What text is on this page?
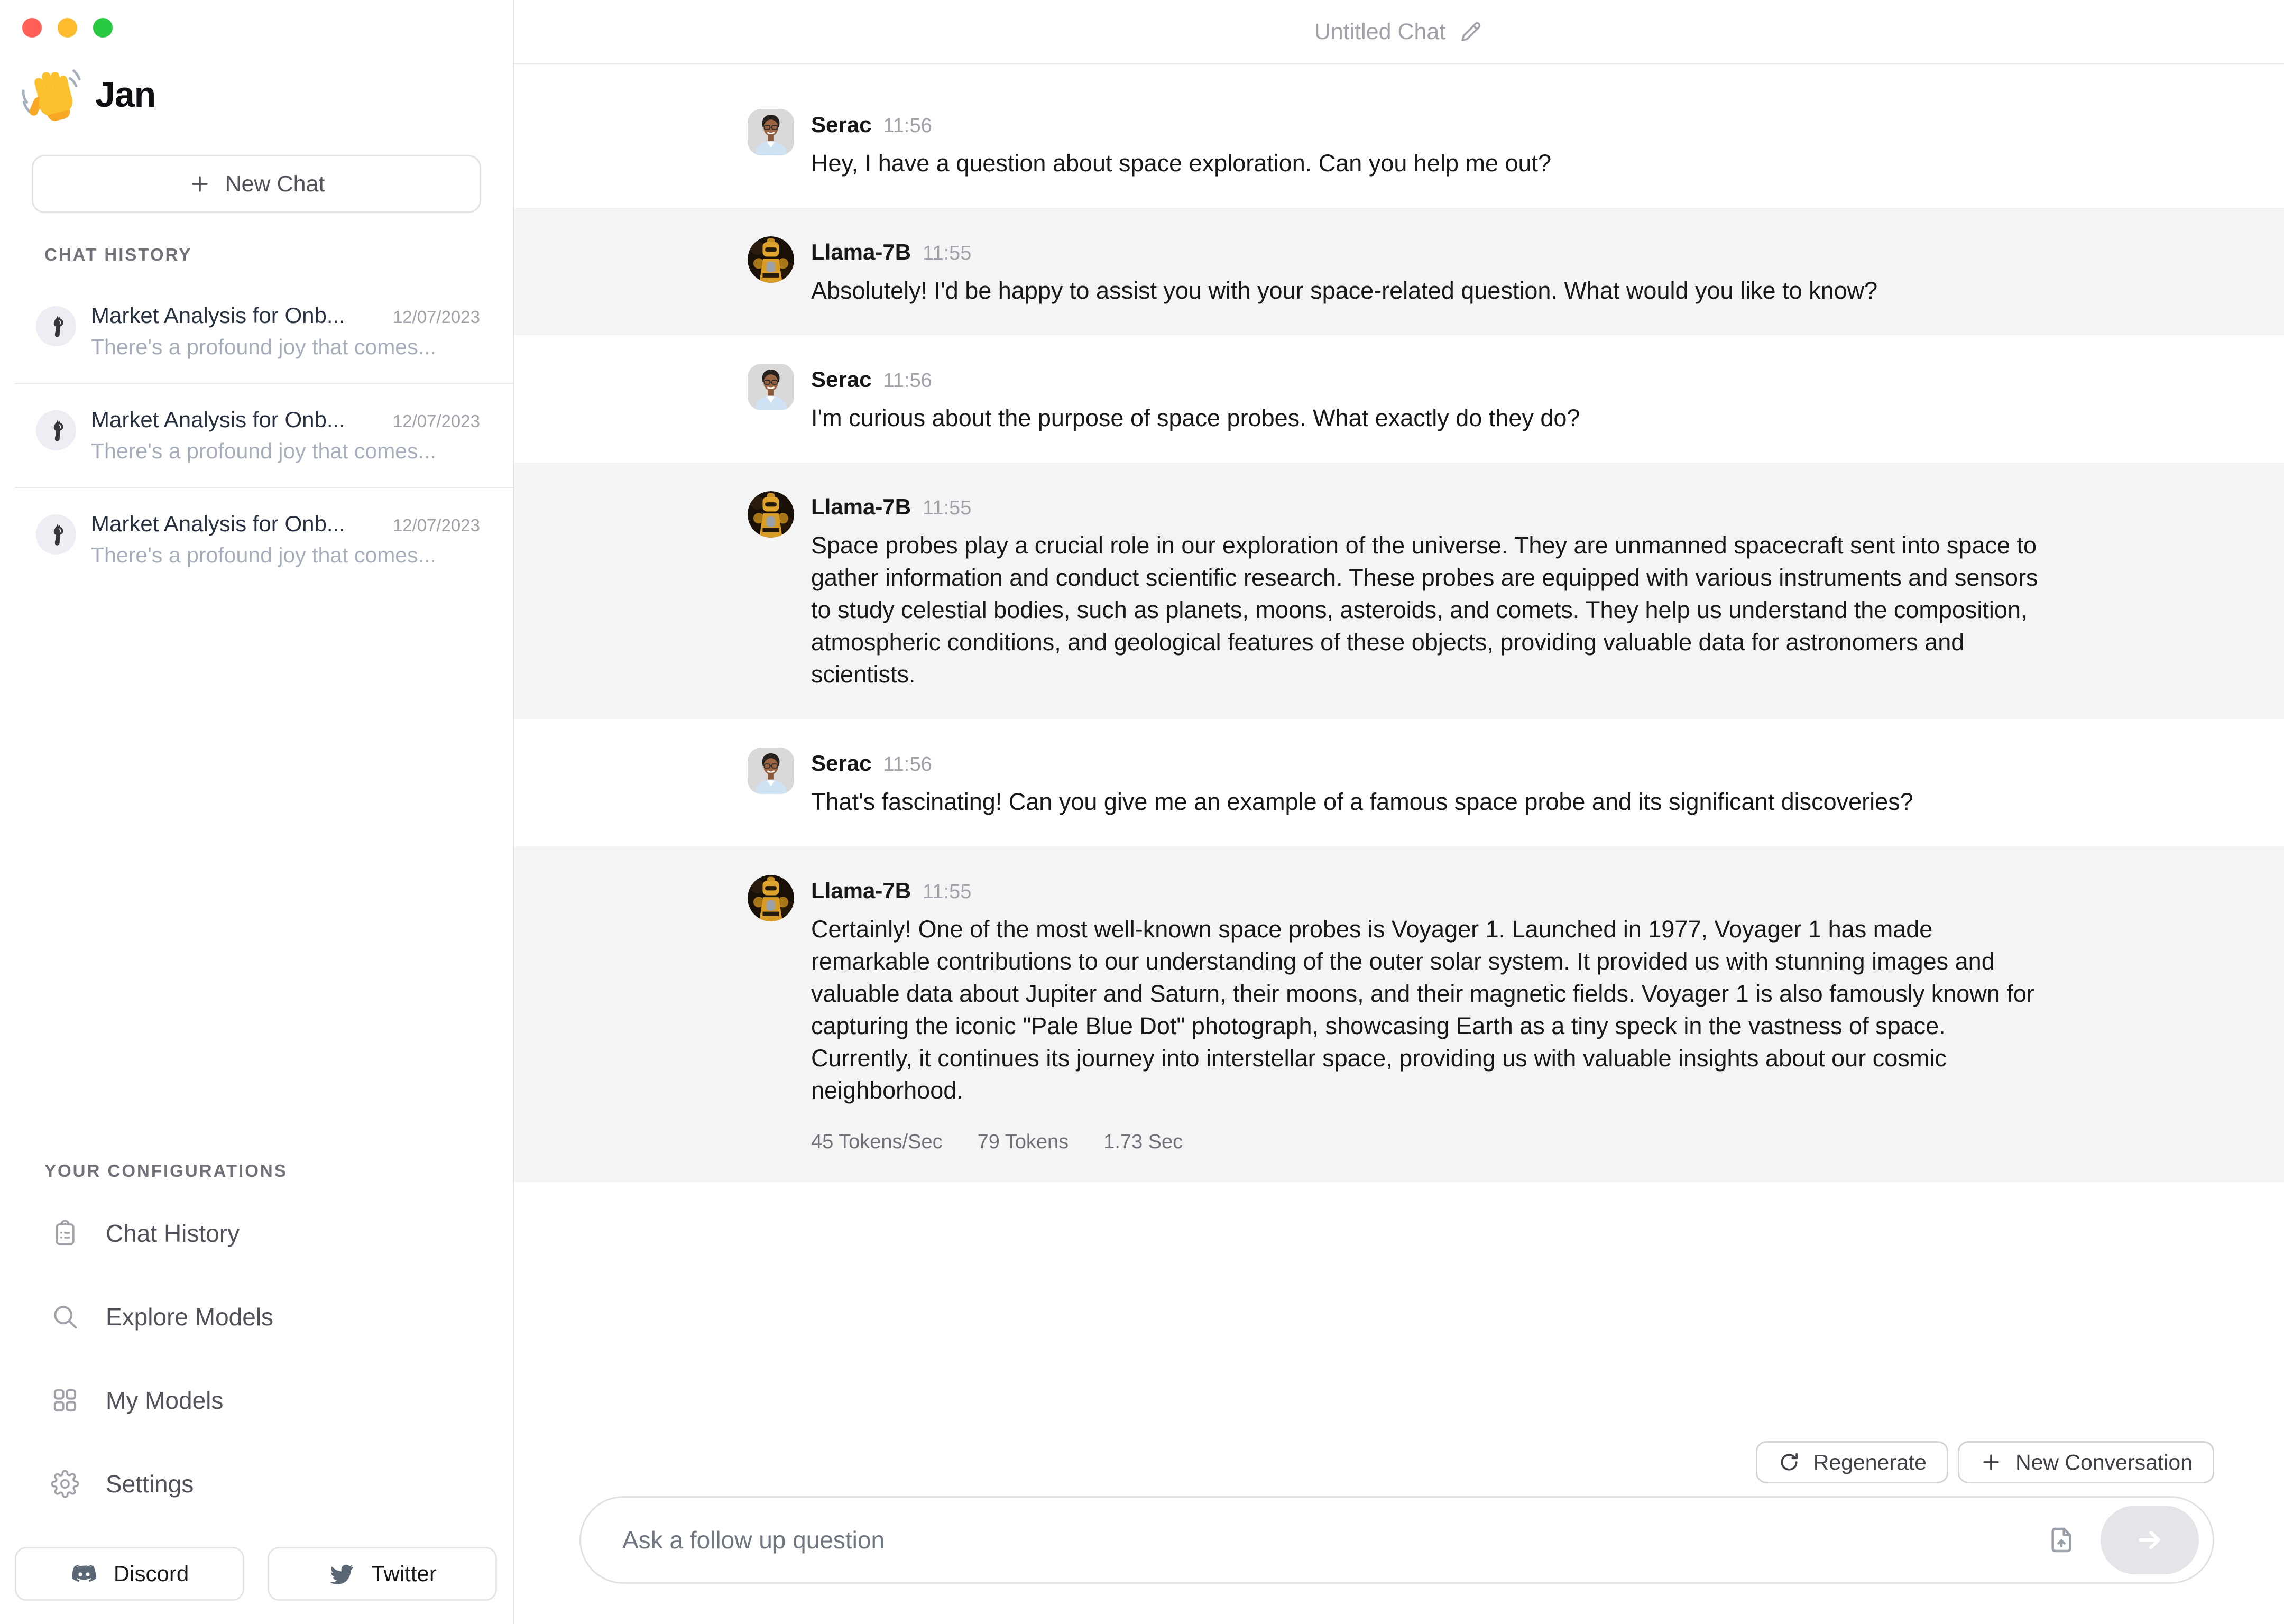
Jan
New Chat
CHAT HISTORY
Market Analysis for Onb...	12/07/2023
There's a profound joy that comes...
Market Analysis for Onb...	12/07/2023
There's a profound joy that comes...
Market Analysis for Onb...	12/07/2023
There's a profound joy that comes...
YOUR CONFIGURATIONS
Chat History
Explore Models
My Models
Settings
Discord	Twitter
Untitled Chat
Serac 11:56
Hey, I have a question about space exploration. Can you help me out?
Llama-7B 11:55
Absolutely! I'd be happy to assist you with your space-related question. What would you like to know?
Serac 11:56
I'm curious about the purpose of space probes. What exactly do they do?
Llama-7B 11:55
Space probes play a crucial role in our exploration of the universe. They are unmanned spacecraft sent into space to gather information and conduct scientific research. These probes are equipped with various instruments and sensors to study celestial bodies, such as planets, moons, asteroids, and comets. They help us understand the composition, atmospheric conditions, and geological features of these objects, providing valuable data for astronomers and scientists.
Serac 11:56
That's fascinating! Can you give me an example of a famous space probe and its significant discoveries?
Llama-7B 11:55
Certainly! One of the most well-known space probes is Voyager 1. Launched in 1977, Voyager 1 has made remarkable contributions to our understanding of the outer solar system. It provided us with stunning images and valuable data about Jupiter and Saturn, their moons, and their magnetic fields. Voyager 1 is also famously known for capturing the iconic "Pale Blue Dot" photograph, showcasing Earth as a tiny speck in the vastness of space. Currently, it continues its journey into interstellar space, providing us with valuable insights about our cosmic neighborhood.
45 Tokens/Sec 79 Tokens 1.73 Sec
Regenerate	New Conversation
Ask a follow up question
